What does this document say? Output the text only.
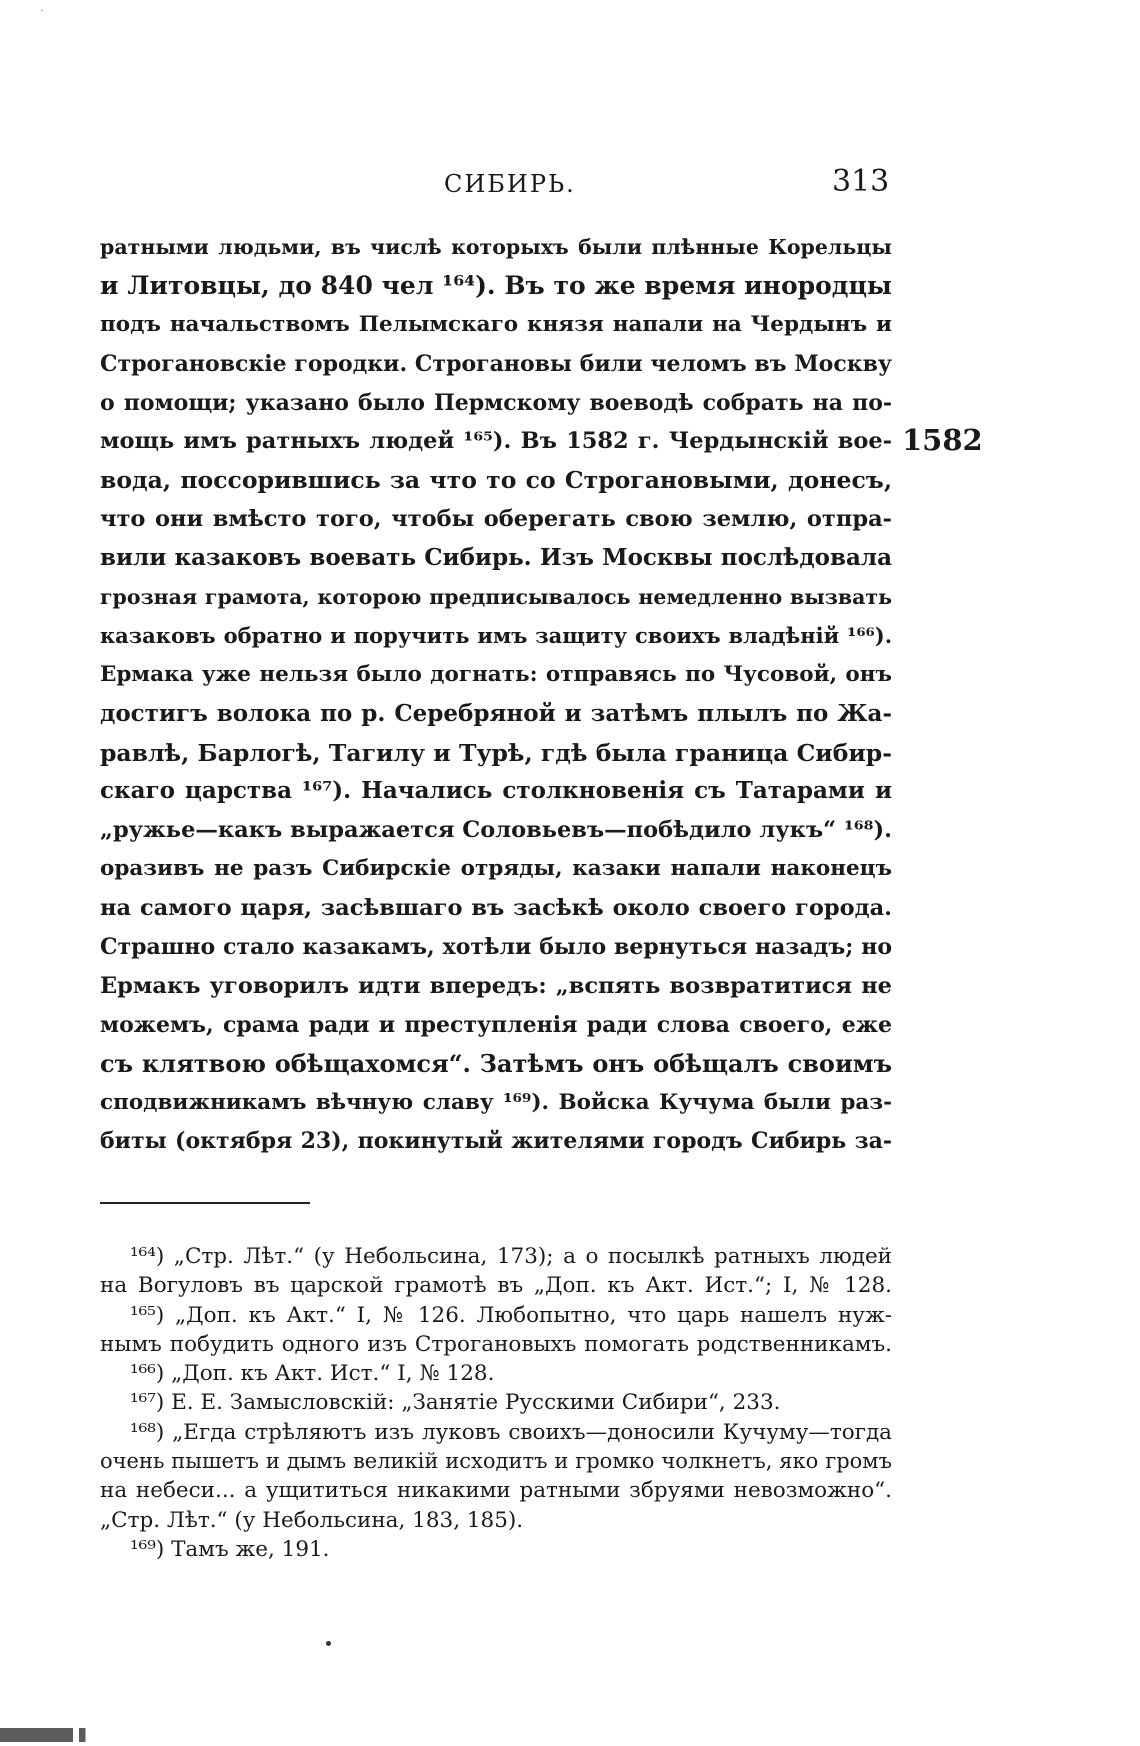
ˑ
СИБИРЬ.	313
ратными людьми, въ числѣ которыхъ были плѣнные Корельцы
и Литовцы, до 840 чел ¹⁶⁴). Въ то же время инородцы
подъ начальствомъ Пелымскаго князя напали на Чердынъ и
Строгановскіе городки. Строгановы били челомъ въ Москву
о помощи; указано было Пермскому воеводѣ собрать на по-
мощь имъ ратныхъ людей ¹⁶⁵). Въ 1582 г. Чердынскій вое-
вода, поссорившись за что то со Строгановыми, донесъ,
что они вмѣсто того, чтобы оберегать свою землю, отпра-
вили казаковъ воевать Сибирь. Изъ Москвы послѣдовала
грозная грамота, которою предписывалось немедленно вызвать
казаковъ обратно и поручить имъ защиту своихъ владѣній ¹⁶⁶).
Ермака уже нельзя было догнать: отправясь по Чусовой, онъ
достигъ волока по р. Серебряной и затѣмъ плылъ по Жа-
равлѣ, Барлогѣ, Тагилу и Турѣ, гдѣ была граница Сибир-
скаго царства ¹⁶⁷). Начались столкновенія съ Татарами и
„ружье—какъ выражается Соловьевъ—побѣдило лукъ“ ¹⁶⁸).
оразивъ не разъ Сибирскіе отряды, казаки напали наконецъ
на самого царя, засѣвшаго въ засѣкѣ около своего города.
Страшно стало казакамъ, хотѣли было вернуться назадъ; но
Ермакъ уговорилъ идти впередъ: „вспять возвратитися не
можемъ, срама ради и преступленія ради слова своего, еже
съ клятвою обѣщахомся“. Затѣмъ онъ обѣщалъ своимъ
сподвижникамъ вѣчную славу ¹⁶⁹). Войска Кучума были раз-
биты (октября 23), покинутый жителями городъ Сибирь за-
1582
¹⁶⁴) „Стр. Лѣт.“ (у Небольсина, 173); а о посылкѣ ратныхъ людей
на Вогуловъ въ царской грамотѣ въ „Доп. къ Акт. Ист.“; I, № 128.
¹⁶⁵) „Доп. къ Акт.“ I, № 126. Любопытно, что царь нашелъ нуж-
нымъ побудить одного изъ Строгановыхъ помогать родственникамъ.
¹⁶⁶) „Доп. къ Акт. Ист.“ I, № 128.
¹⁶⁷) Е. Е. Замысловскій: „Занятіе Русскими Сибири“, 233.
¹⁶⁸) „Егда стрѣляютъ изъ луковъ своихъ—доносили Кучуму—тогда
очень пышетъ и дымъ великій исходитъ и громко чолкнетъ, яко громъ
на небеси... а ущититься никакими ратными збруями невозможно“.
„Стр. Лѣт.“ (у Небольсина, 183, 185).
¹⁶⁹) Тамъ же, 191.
